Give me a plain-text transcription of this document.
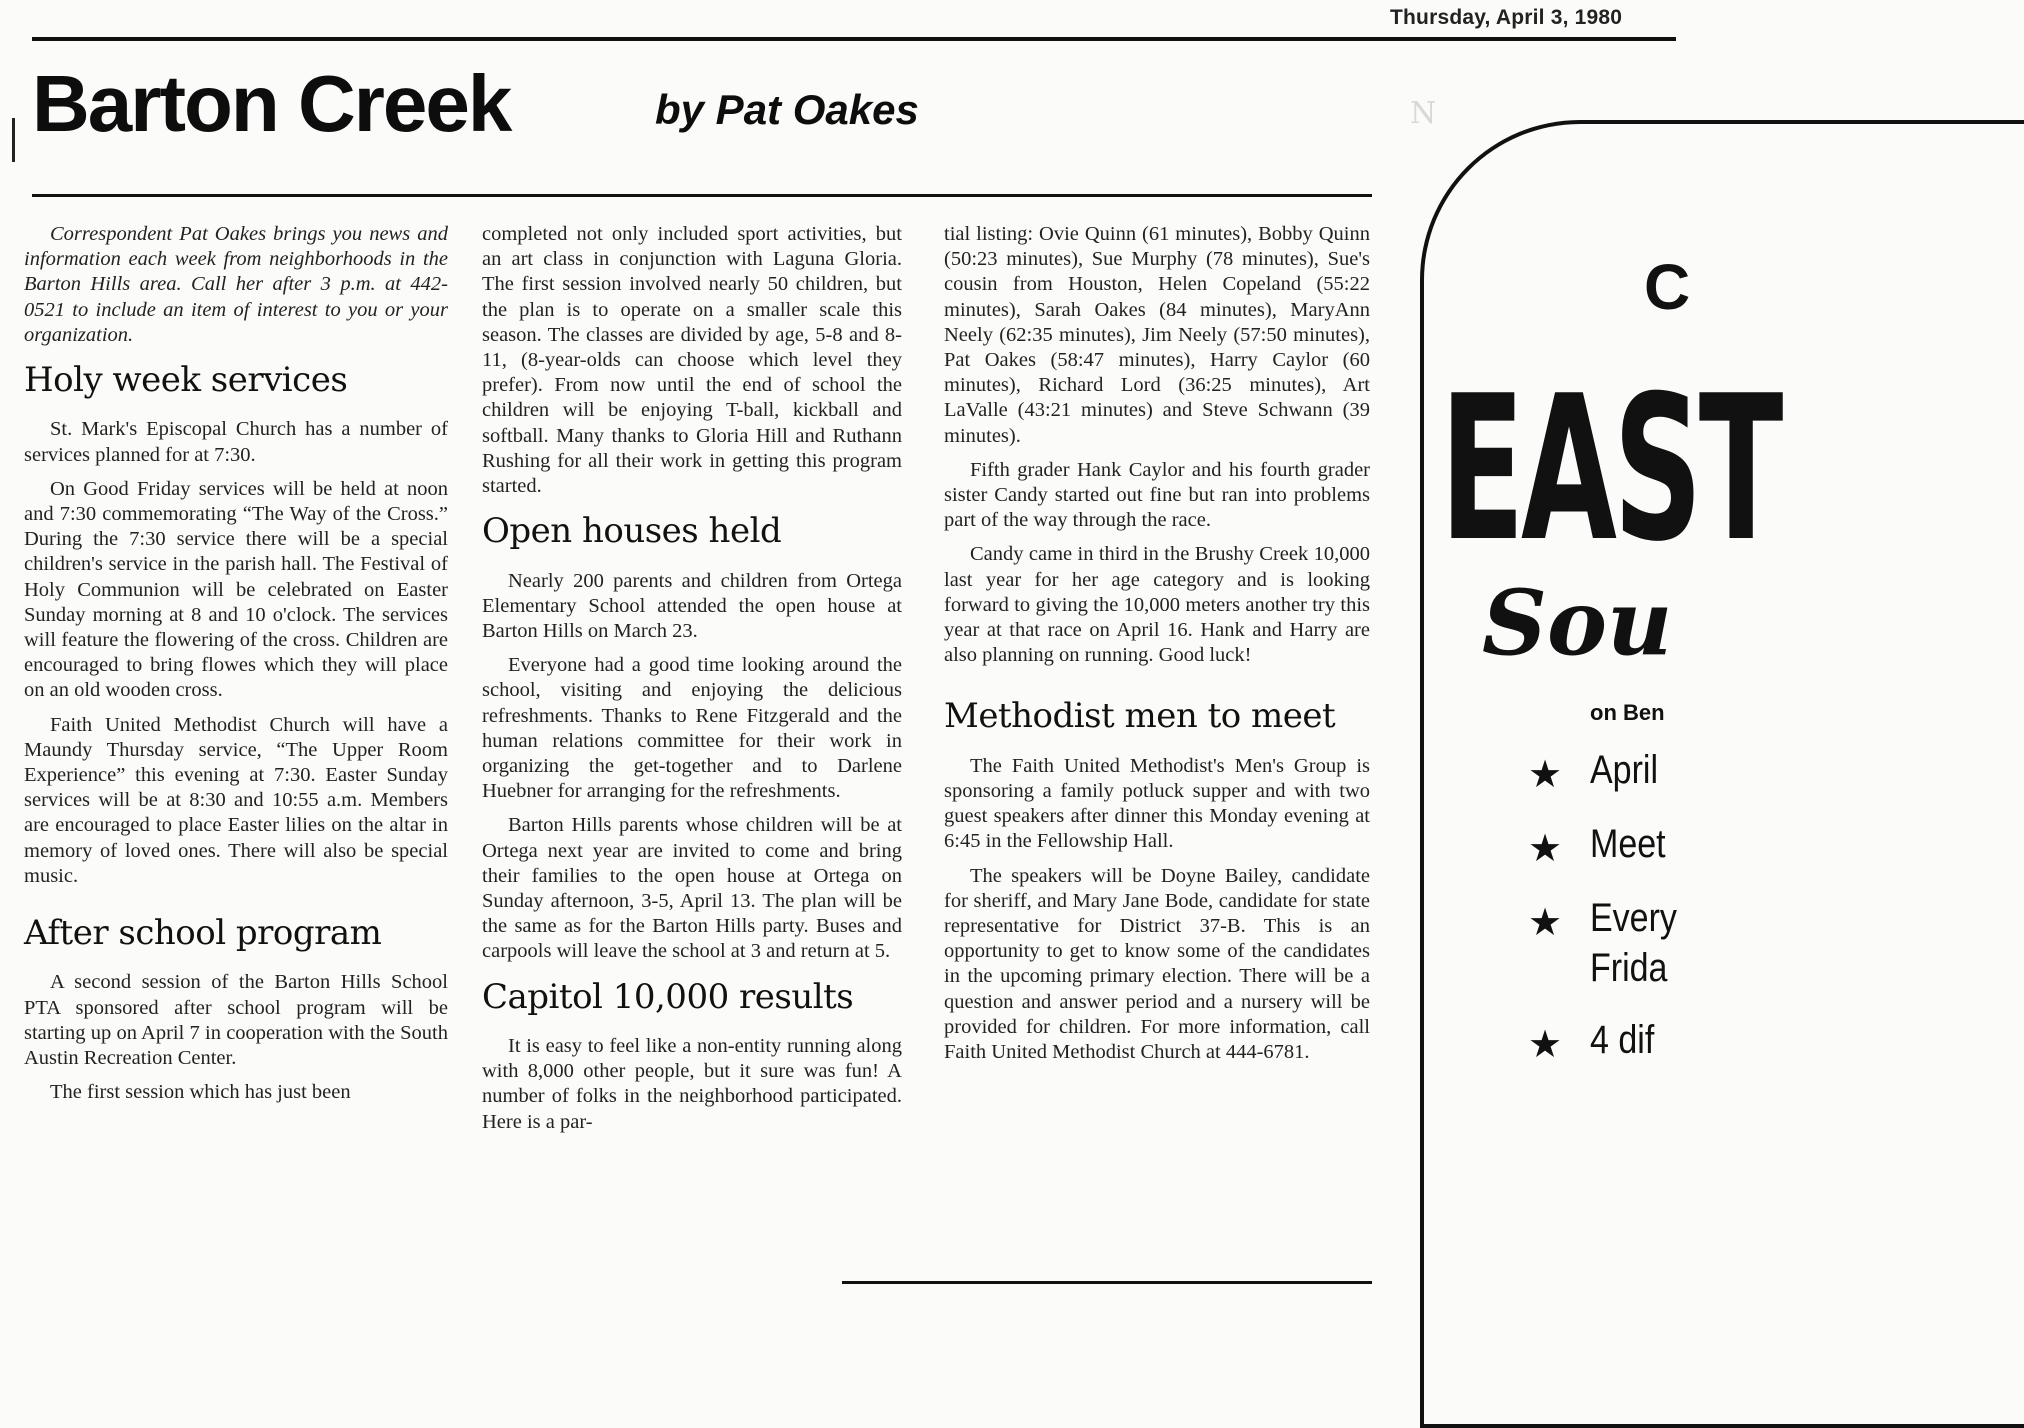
Thursday, April 3, 1980
Barton Creek	by Pat Oakes	N

Correspondent Pat Oakes brings you news and information each week from neighborhoods in the Barton Hills area. Call her after 3 p.m. at 442-0521 to include an item of interest to you or your organization.

Holy week services

St. Mark's Episcopal Church has a number of services planned for at 7:30.

On Good Friday services will be held at noon and 7:30 commemorating “The Way of the Cross.” During the 7:30 service there will be a special children's service in the parish hall. The Festival of Holy Communion will be celebrated on Easter Sunday morning at 8 and 10 o'clock. The services will feature the flowering of the cross. Children are encouraged to bring flowes which they will place on an old wooden cross.

Faith United Methodist Church will have a Maundy Thursday service, “The Upper Room Experience” this evening at 7:30. Easter Sunday services will be at 8:30 and 10:55 a.m. Members are encouraged to place Easter lilies on the altar in memory of loved ones. There will also be special music.

After school program

A second session of the Barton Hills School PTA sponsored after school program will be starting up on April 7 in cooperation with the South Austin Recreation Center.

The first session which has just been

completed not only included sport activities, but an art class in conjunction with Laguna Gloria. The first session involved nearly 50 children, but the plan is to operate on a smaller scale this season. The classes are divided by age, 5-8 and 8-11, (8-year-olds can choose which level they prefer). From now until the end of school the children will be enjoying T-ball, kickball and softball. Many thanks to Gloria Hill and Ruthann Rushing for all their work in getting this program started.

Open houses held

Nearly 200 parents and children from Ortega Elementary School attended the open house at Barton Hills on March 23.

Everyone had a good time looking around the school, visiting and enjoying the delicious refreshments. Thanks to Rene Fitzgerald and the human relations committee for their work in organizing the get-together and to Darlene Huebner for arranging for the refreshments.

Barton Hills parents whose children will be at Ortega next year are invited to come and bring their families to the open house at Ortega on Sunday afternoon, 3-5, April 13. The plan will be the same as for the Barton Hills party. Buses and carpools will leave the school at 3 and return at 5.

Capitol 10,000 results

It is easy to feel like a non-entity running along with 8,000 other people, but it sure was fun! A number of folks in the neighborhood participated. Here is a par-

tial listing: Ovie Quinn (61 minutes), Bobby Quinn (50:23 minutes), Sue Murphy (78 minutes), Sue's cousin from Houston, Helen Copeland (55:22 minutes), Sarah Oakes (84 minutes), MaryAnn Neely (62:35 minutes), Jim Neely (57:50 minutes), Pat Oakes (58:47 minutes), Harry Caylor (60 minutes), Richard Lord (36:25 minutes), Art LaValle (43:21 minutes) and Steve Schwann (39 minutes).

Fifth grader Hank Caylor and his fourth grader sister Candy started out fine but ran into problems part of the way through the race.

Candy came in third in the Brushy Creek 10,000 last year for her age category and is looking forward to giving the 10,000 meters another try this year at that race on April 16. Hank and Harry are also planning on running. Good luck!

Methodist men to meet

The Faith United Methodist's Men's Group is sponsoring a family potluck supper and with two guest speakers after dinner this Monday evening at 6:45 in the Fellowship Hall.

The speakers will be Doyne Bailey, candidate for sheriff, and Mary Jane Bode, candidate for state representative for District 37-B. This is an opportunity to get to know some of the candidates in the upcoming primary election. There will be a question and answer period and a nursery will be provided for children. For more information, call Faith United Methodist Church at 444-6781.

C
EAST
Sou
on Ben
★ April
★ Meet
★ Every
Frida
★ 4 dif
